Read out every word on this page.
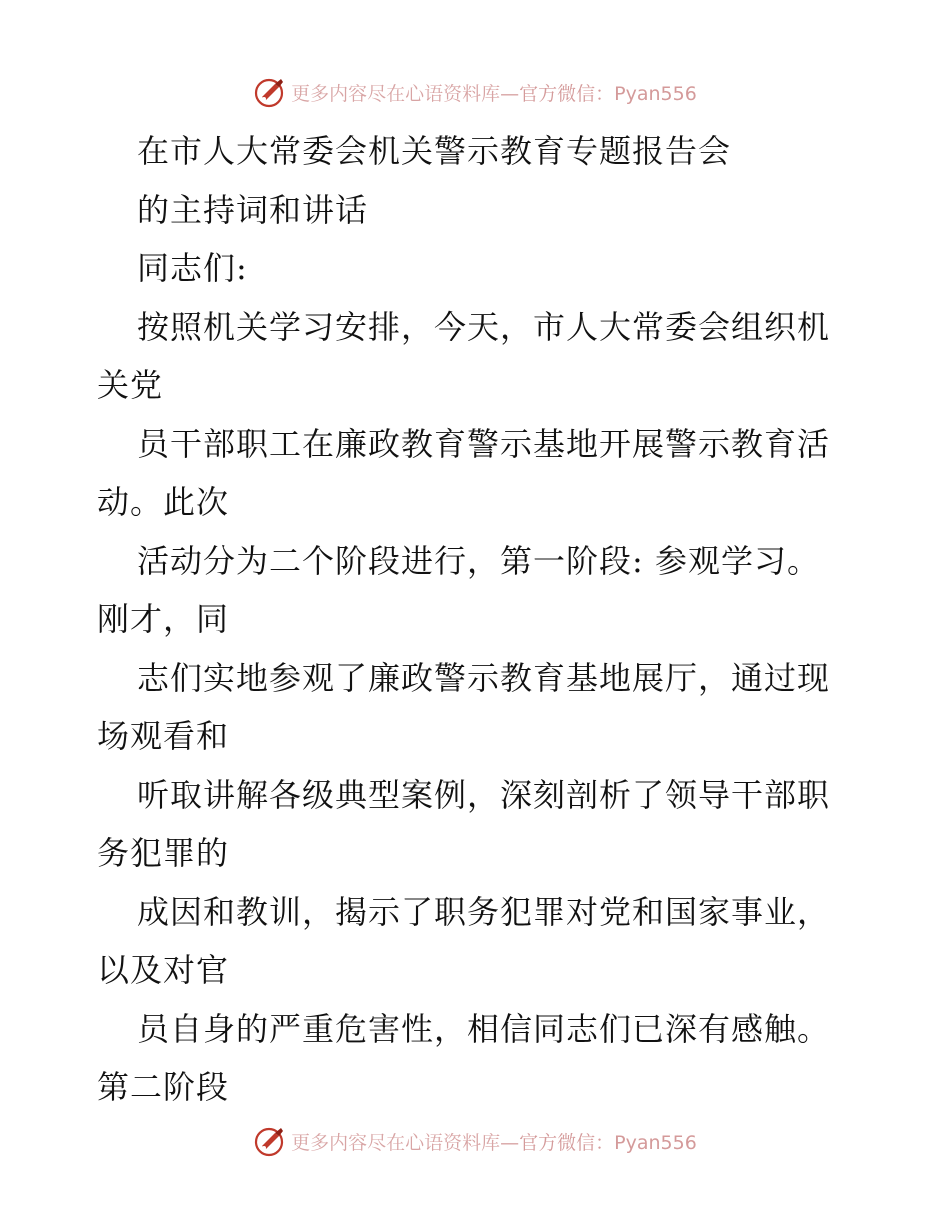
更多内容尽在心语资料库—官方微信：Pyan556
在市人大常委会机关警示教育专题报告会
的主持词和讲话
同志们:
按照机关学习安排，今天，市人大常委会组织机
关党
员干部职工在廉政教育警示基地开展警示教育活
动。此次
活动分为二个阶段进行，第一阶段: 参观学习。
刚才，同
志们实地参观了廉政警示教育基地展厅，通过现
场观看和
听取讲解各级典型案例，深刻剖析了领导干部职
务犯罪的
成因和教训，揭示了职务犯罪对党和国家事业，
以及对官
员自身的严重危害性，相信同志们已深有感触。
第二阶段
更多内容尽在心语资料库—官方微信：Pyan556
